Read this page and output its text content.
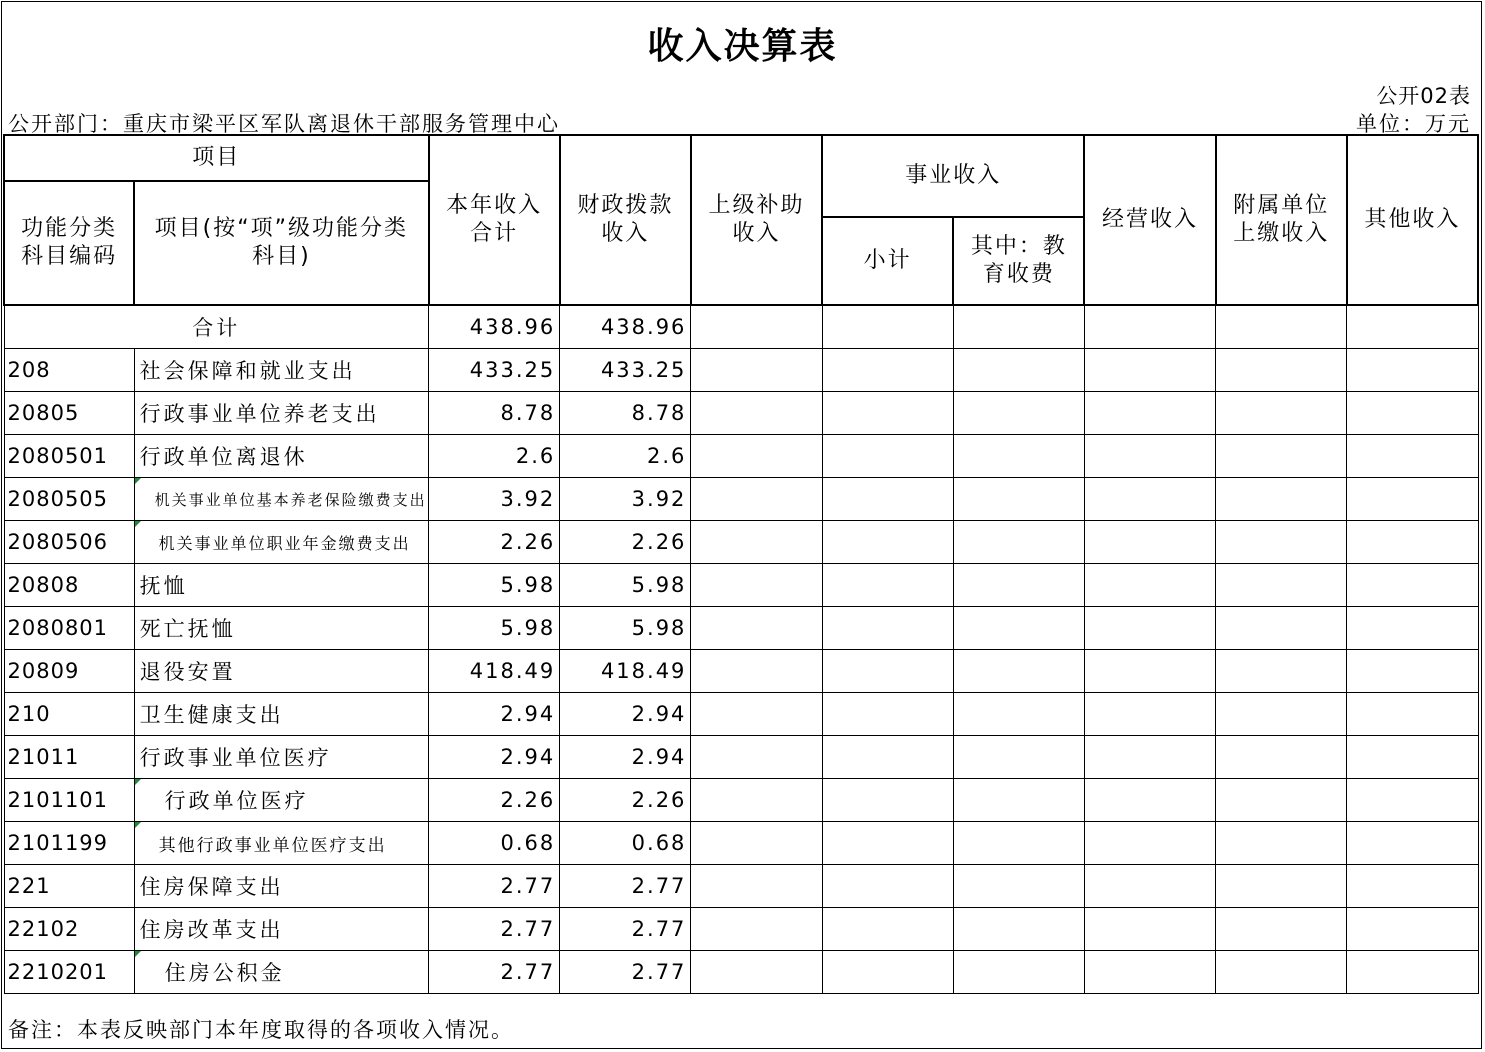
收入决算表
公开02表
公开部门：重庆市梁平区军队离退休干部服务管理中心	单位：万元
项目		本年收入合计	财政拨款收入	上级补助收入	事业收入		经营收入	附属单位上缴收入	其他收入
功能分类科目编码	项目(按“项”级功能分类科目)								
					小计	其中：教育收费			
合计		438.96	438.96						
208	社会保障和就业支出	433.25	433.25						
20805	行政事业单位养老支出	8.78	8.78						
2080501	行政单位离退休	2.6	2.6						
2080505	机关事业单位基本养老保险缴费支出	3.92	3.92						
2080506	机关事业单位职业年金缴费支出	2.26	2.26						
20808	抚恤	5.98	5.98						
2080801	死亡抚恤	5.98	5.98						
20809	退役安置	418.49	418.49						
210	卫生健康支出	2.94	2.94						
21011	行政事业单位医疗	2.94	2.94						
2101101	行政单位医疗	2.26	2.26						
2101199	其他行政事业单位医疗支出	0.68	0.68						
221	住房保障支出	2.77	2.77						
22102	住房改革支出	2.77	2.77						
2210201	住房公积金	2.77	2.77						
备注：本表反映部门本年度取得的各项收入情况。
